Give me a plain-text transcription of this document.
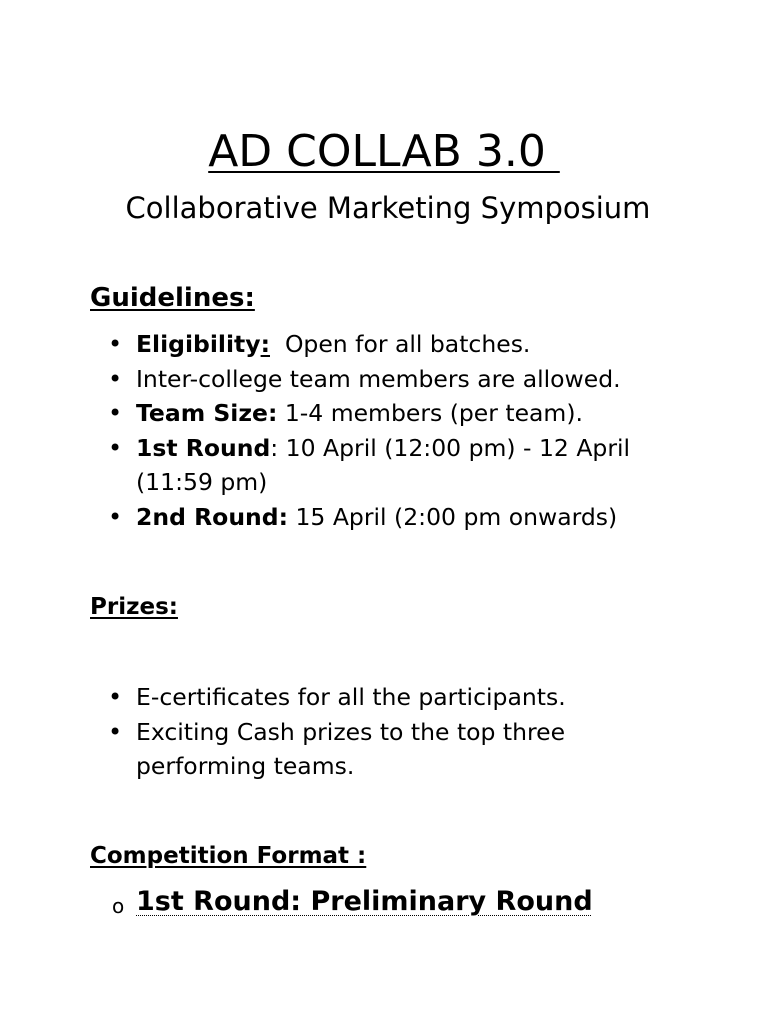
AD COLLAB 3.0
Collaborative Marketing Symposium
Guidelines:
• Eligibility:  Open for all batches.
• Inter-college team members are allowed.
• Team Size: 1-4 members (per team).
• 1st Round: 10 April (12:00 pm) - 12 April (11:59 pm)
• 2nd Round: 15 April (2:00 pm onwards)
Prizes:
• E-certificates for all the participants.
• Exciting Cash prizes to the top three performing teams.
Competition Format :
o 1st Round: Preliminary Round
